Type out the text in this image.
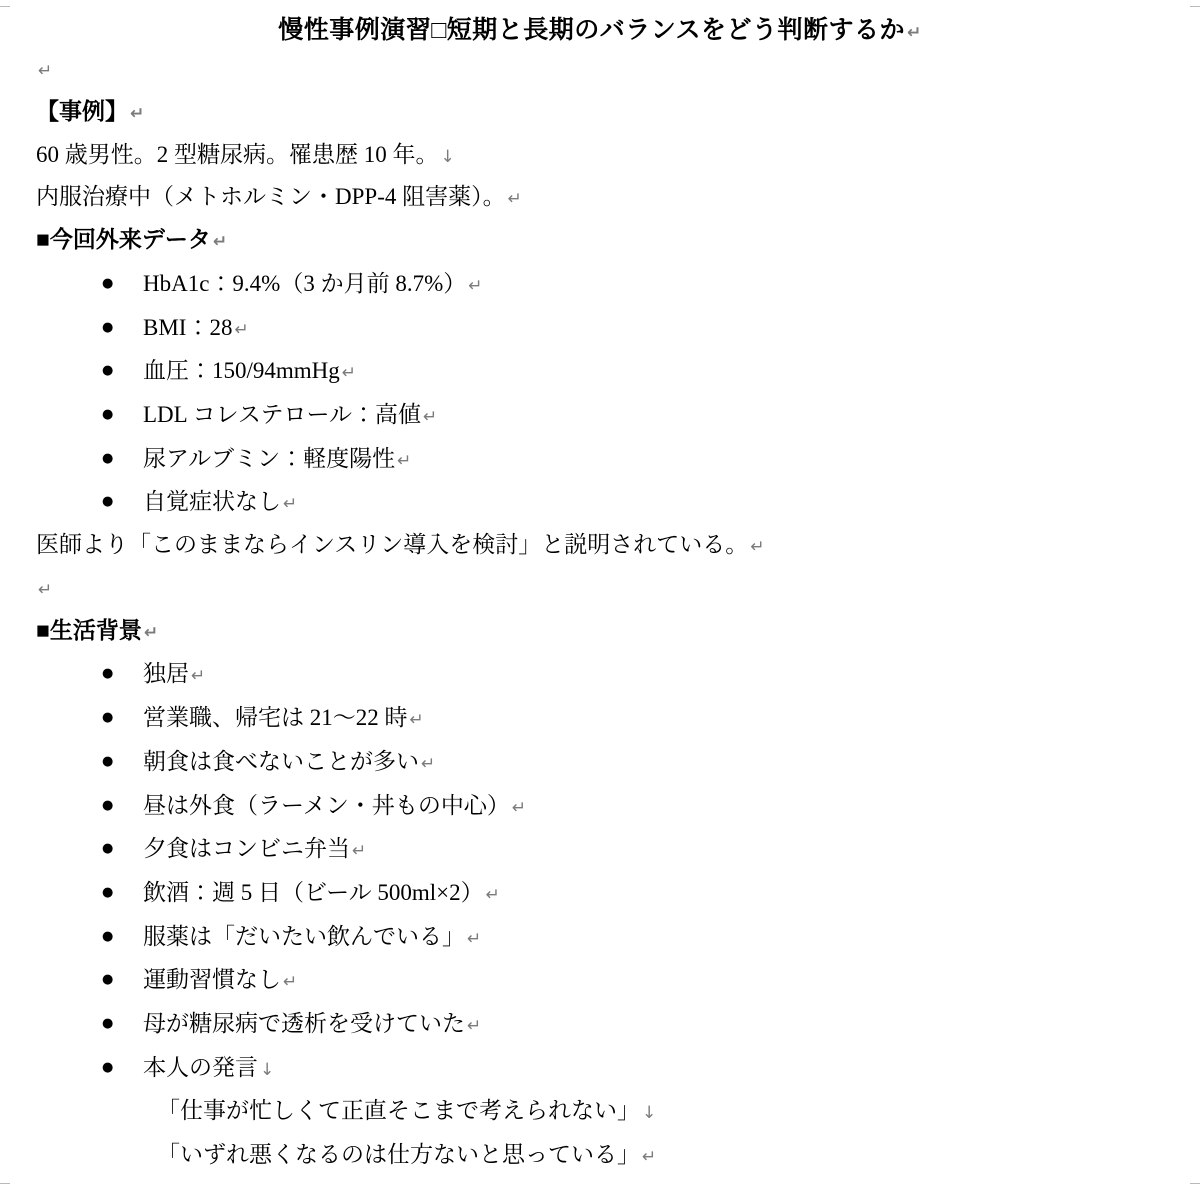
慢性事例演習□短期と長期のバランスをどう判断するか ↵
↵

【事例】 ↵

60 歳男性。2 型糖尿病。罹患歴 10 年。 ↓

内服治療中（メトホルミン・DPP-4 阻害薬）。 ↵

■今回外来データ ↵

● HbA1c：9.4%（3 か月前 8.7%） ↵
● BMI：28 ↵
● 血圧：150/94mmHg ↵
● LDL コレステロール：高値 ↵
● 尿アルブミン：軽度陽性 ↵
● 自覚症状なし ↵

医師より「このままならインスリン導入を検討」と説明されている。 ↵

↵

■生活背景 ↵

● 独居 ↵
● 営業職、帰宅は 21〜22 時 ↵
● 朝食は食べないことが多い ↵
● 昼は外食（ラーメン・丼もの中心） ↵
● 夕食はコンビニ弁当 ↵
● 飲酒：週 5 日（ビール 500ml×2） ↵
● 服薬は「だいたい飲んでいる」 ↵
● 運動習慣なし ↵
● 母が糖尿病で透析を受けていた ↵
● 本人の発言 ↓
「仕事が忙しくて正直そこまで考えられない」 ↓
「いずれ悪くなるのは仕方ないと思っている」 ↵
